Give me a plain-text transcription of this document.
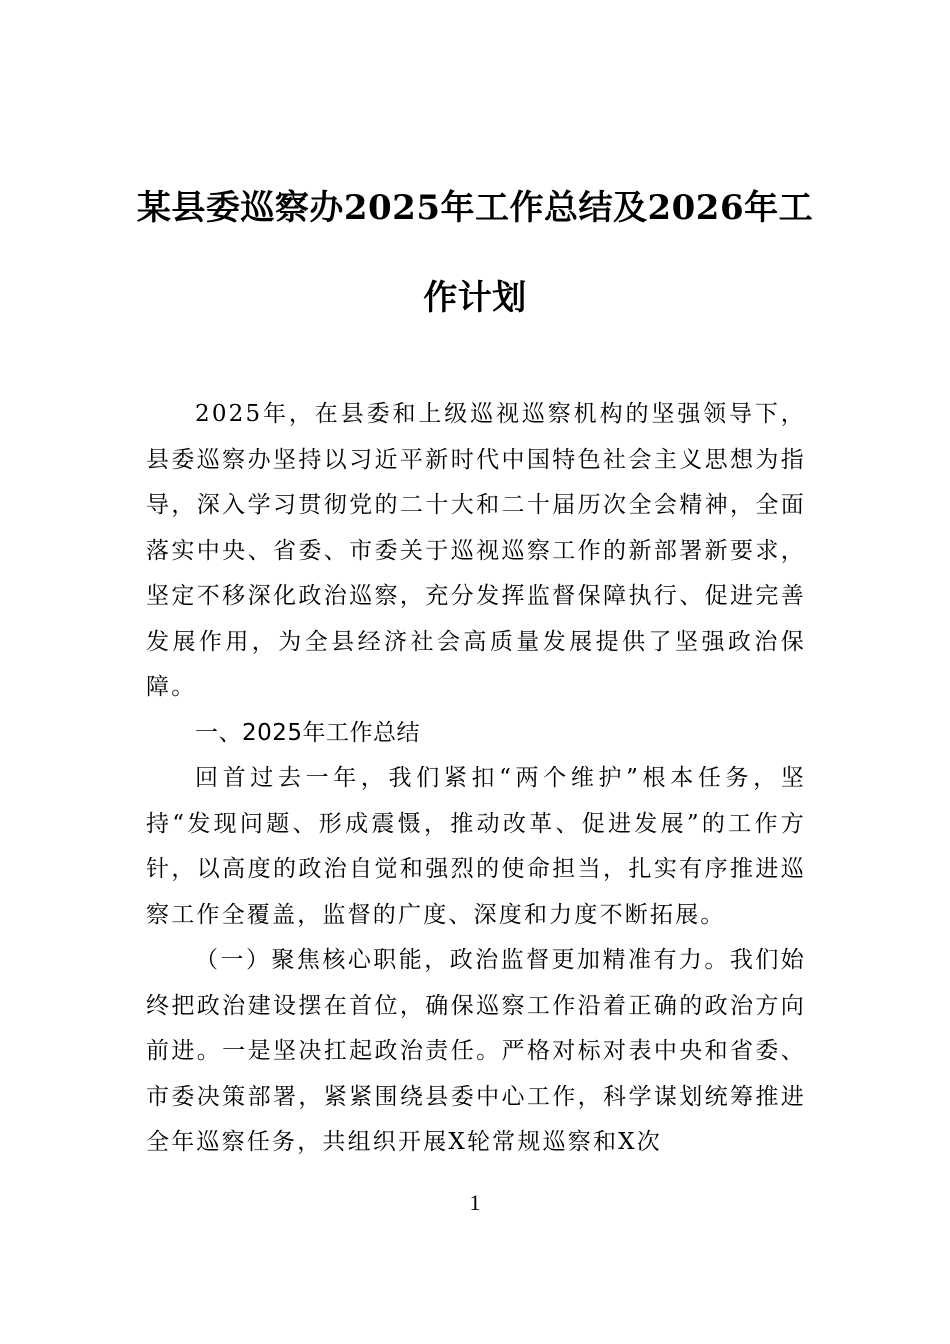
某县委巡察办2025年工作总结及2026年工作计划

2025年，在县委和上级巡视巡察机构的坚强领导下，县委巡察办坚持以习近平新时代中国特色社会主义思想为指导，深入学习贯彻党的二十大和二十届历次全会精神，全面落实中央、省委、市委关于巡视巡察工作的新部署新要求，坚定不移深化政治巡察，充分发挥监督保障执行、促进完善发展作用，为全县经济社会高质量发展提供了坚强政治保障。

一、2025年工作总结

回首过去一年，我们紧扣“两个维护”根本任务，坚持“发现问题、形成震慑，推动改革、促进发展”的工作方针，以高度的政治自觉和强烈的使命担当，扎实有序推进巡察工作全覆盖，监督的广度、深度和力度不断拓展。

（一）聚焦核心职能，政治监督更加精准有力。我们始终把政治建设摆在首位，确保巡察工作沿着正确的政治方向前进。一是坚决扛起政治责任。严格对标对表中央和省委、市委决策部署，紧紧围绕县委中心工作，科学谋划统筹推进全年巡察任务，共组织开展X轮常规巡察和X次

1
